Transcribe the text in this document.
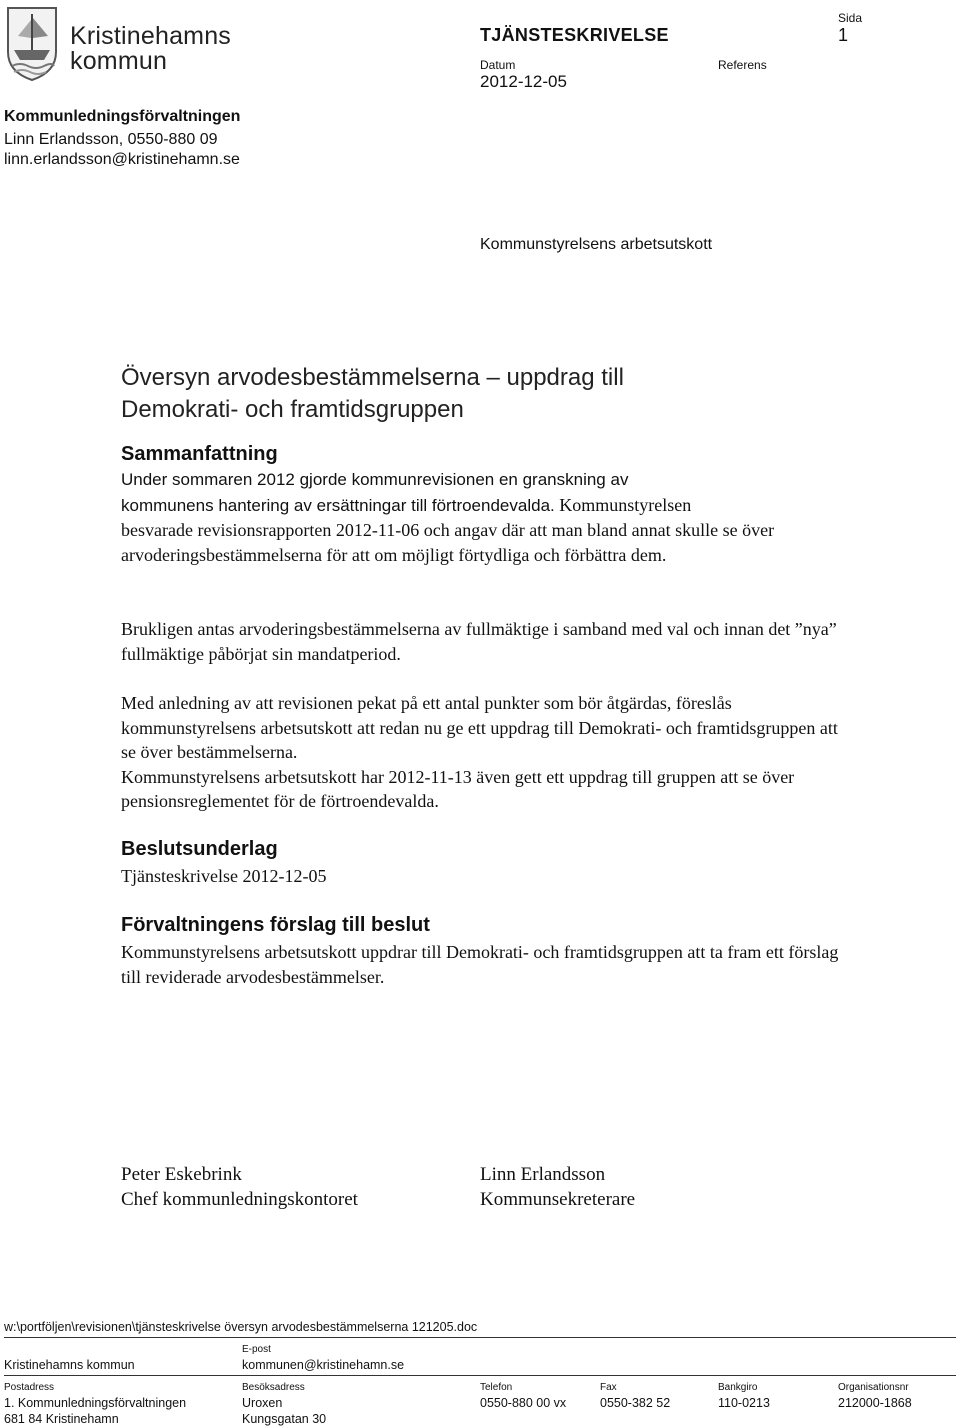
Kristinehamns
kommun
Kommunledningsförvaltningen
Linn Erlandsson, 0550-880 09
linn.erlandsson@kristinehamn.se
TJÄNSTESKRIVELSE
Datum
2012-12-05
Referens
Sida
1
Kommunstyrelsens arbetsutskott
Översyn arvodesbestämmelserna – uppdrag till
Demokrati- och framtidsgruppen
Sammanfattning

Under sommaren 2012 gjorde kommunrevisionen en granskning av

kommunens hantering av ersättningar till förtroendevalda. Kommunstyrelsen

besvarade revisionsrapporten 2012-11-06 och angav där att man bland annat skulle se över arvoderingsbestämmelserna för att om möjligt förtydliga och förbättra dem.

Brukligen antas arvoderingsbestämmelserna av fullmäktige i samband med val och innan det ”nya” fullmäktige påbörjat sin mandatperiod.

Med anledning av att revisionen pekat på ett antal punkter som bör åtgärdas, föreslås kommunstyrelsens arbetsutskott att redan nu ge ett uppdrag till Demokrati- och framtidsgruppen att se över bestämmelserna.

Kommunstyrelsens arbetsutskott har 2012-11-13 även gett ett uppdrag till gruppen att se över pensionsreglementet för de förtroendevalda.

Beslutsunderlag
Tjänsteskrivelse 2012-12-05
Förvaltningens förslag till beslut

Kommunstyrelsens arbetsutskott uppdrar till Demokrati- och framtidsgruppen att ta fram ett förslag till reviderade arvodesbestämmelser.

Peter Eskebrink
Chef kommunledningskontoret
Linn Erlandsson
Kommunsekreterare
w:\portföljen\revisionen\tjänsteskrivelse översyn arvodesbestämmelserna 121205.doc
Kristinehamns kommun
E-post
kommunen@kristinehamn.se
Postadress
1. Kommunledningsförvaltningen
681 84 Kristinehamn
Besöksadress
Uroxen
Kungsgatan 30
Telefon
0550-880 00 vx
Fax
0550-382 52
Bankgiro
110-0213
Organisationsnr
212000-1868
